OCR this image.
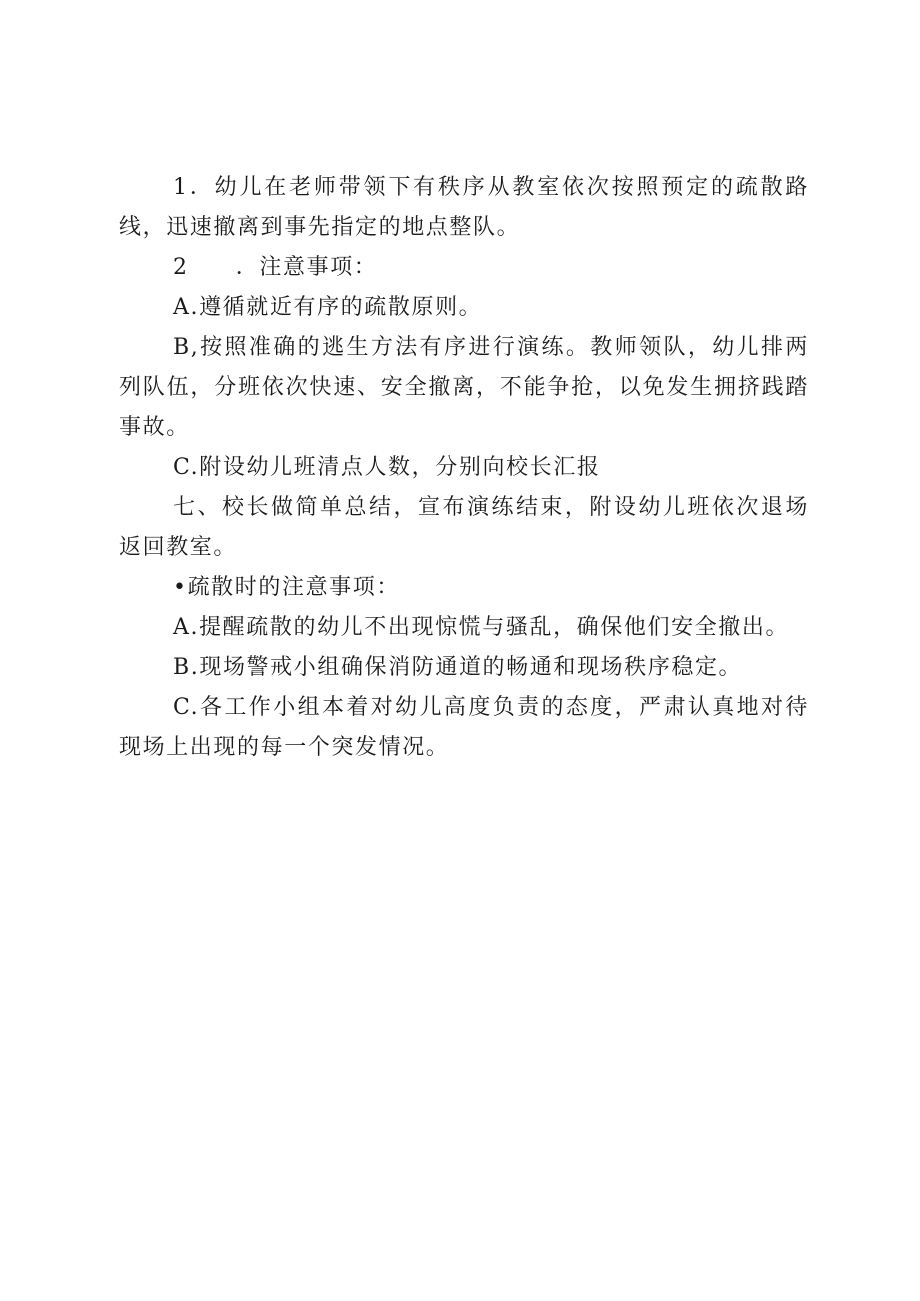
1．幼儿在老师带领下有秩序从教室依次按照预定的疏散路线，迅速撤离到事先指定的地点整队。

2　　．注意事项：

A.遵循就近有序的疏散原则。

B,按照准确的逃生方法有序进行演练。教师领队，幼儿排两列队伍，分班依次快速、安全撤离，不能争抢，以免发生拥挤践踏事故。

C.附设幼儿班清点人数，分别向校长汇报

七、校长做简单总结，宣布演练结束，附设幼儿班依次退场返回教室。

•疏散时的注意事项：

A.提醒疏散的幼儿不出现惊慌与骚乱，确保他们安全撤出。

B.现场警戒小组确保消防通道的畅通和现场秩序稳定。

C.各工作小组本着对幼儿高度负责的态度，严肃认真地对待现场上出现的每一个突发情况。
